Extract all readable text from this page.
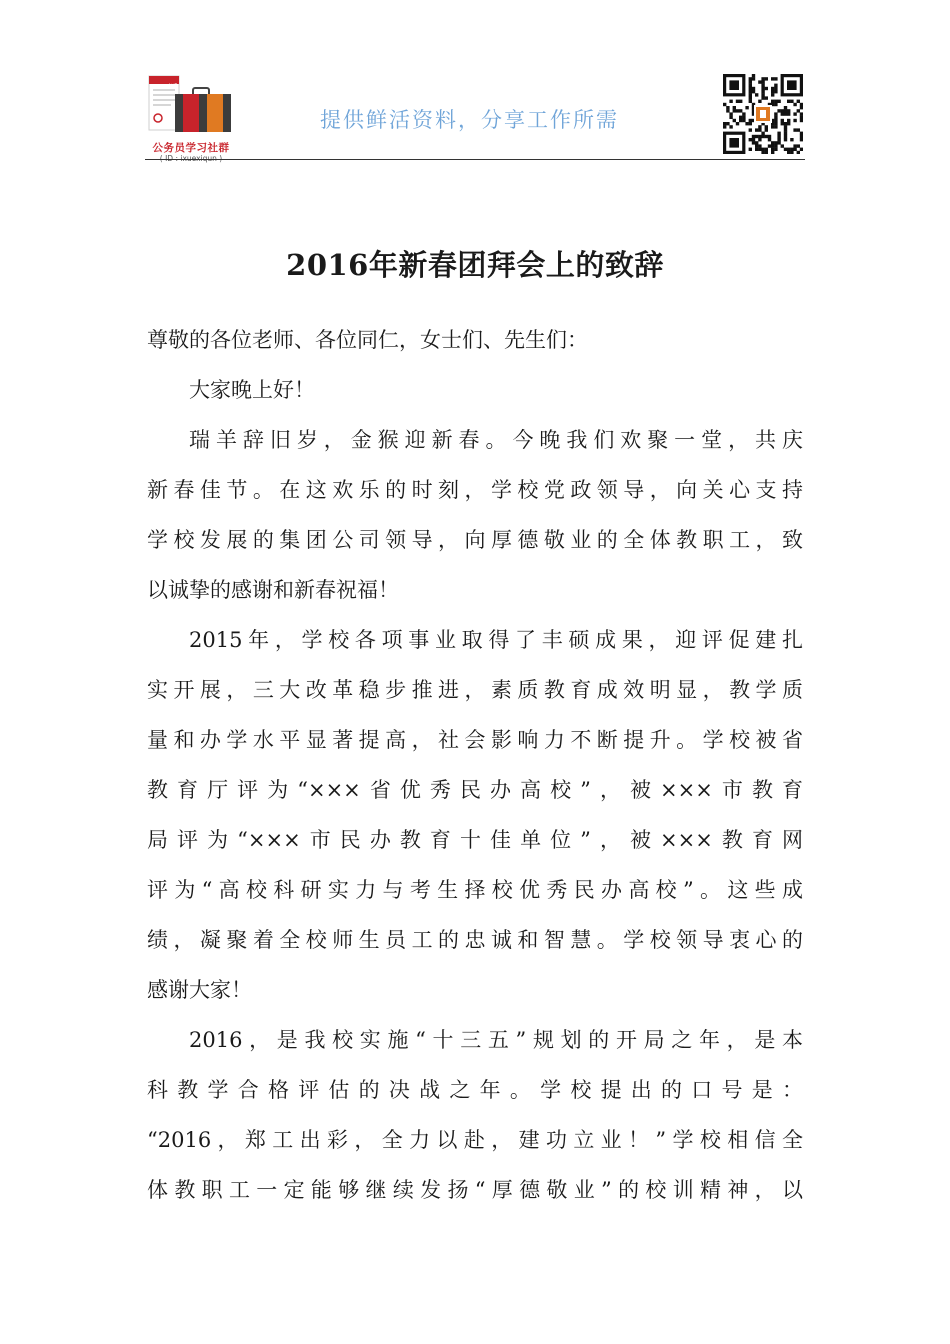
XXXX市委
公务员学习社群
( ID : ixuexiqun )
提供鲜活资料，分享工作所需
2016年新春团拜会上的致辞
尊敬的各位老师、各位同仁，女士们、先生们：
大家晚上好！
瑞羊辞旧岁，金猴迎新春。今晚我们欢聚一堂，共庆
新春佳节。在这欢乐的时刻，学校党政领导，向关心支持
学校发展的集团公司领导，向厚德敬业的全体教职工，致
以诚挚的感谢和新春祝福！
2015年，学校各项事业取得了丰硕成果，迎评促建扎
实开展，三大改革稳步推进，素质教育成效明显，教学质
量和办学水平显著提高，社会影响力不断提升。学校被省
教育厅评为“×××省优秀民办高校”，被×××市教育
局评为“×××市民办教育十佳单位”，被×××教育网
评为“高校科研实力与考生择校优秀民办高校”。这些成
绩，凝聚着全校师生员工的忠诚和智慧。学校领导衷心的
感谢大家！
2016，是我校实施“十三五”规划的开局之年，是本
科教学合格评估的决战之年。学校提出的口号是：
“2016，郑工出彩，全力以赴，建功立业！”学校相信全
体教职工一定能够继续发扬“厚德敬业”的校训精神，以
